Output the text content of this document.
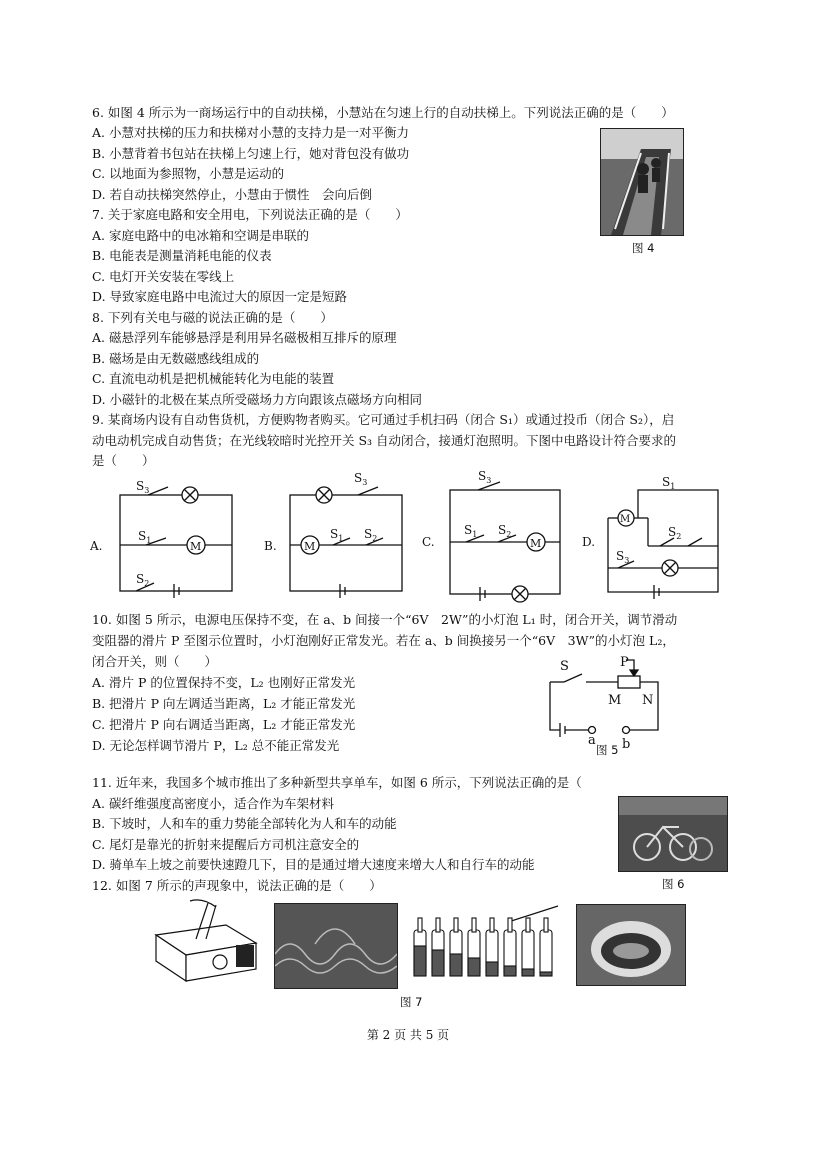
6. 如图 4 所示为一商场运行中的自动扶梯，小慧站在匀速上行的自动扶梯上。下列说法正确的是（　　）
A. 小慧对扶梯的压力和扶梯对小慧的支持力是一对平衡力
B. 小慧背着书包站在扶梯上匀速上行，她对背包没有做功
C. 以地面为参照物，小慧是运动的
D. 若自动扶梯突然停止，小慧由于惯性　会向后倒
图 4
7. 关于家庭电路和安全用电，下列说法正确的是（　　）
A. 家庭电路中的电冰箱和空调是串联的
B. 电能表是测量消耗电能的仪表
C. 电灯开关安装在零线上
D. 导致家庭电路中电流过大的原因一定是短路
8. 下列有关电与磁的说法正确的是（　　）
A. 磁悬浮列车能够悬浮是利用异名磁极相互排斥的原理
B. 磁场是由无数磁感线组成的
C. 直流电动机是把机械能转化为电能的装置
D. 小磁针的北极在某点所受磁场力方向跟该点磁场方向相同
9. 某商场内设有自动售货机，方便购物者购买。它可通过手机扫码（闭合 S₁）或通过投币（闭合 S₂），启
动电动机完成自动售货；在光线较暗时光控开关 S₃ 自动闭合，接通灯泡照明。下图中电路设计符合要求的
是（　　）
A.
$S_3$
$S_1$	M
$S_2$
B.
$S_3$
M
$S_1$ $S_2$	C.
$S_3$
$S_1$ $S_2$
M	D.
M
$S_1$
$S_2$
$S_3$
10. 如图 5 所示，电源电压保持不变，在 a、b 间接一个“6V　2W”的小灯泡 L₁ 时，闭合开关，调节滑动
变阻器的滑片 P 至图示位置时，小灯泡刚好正常发光。若在 a、b 间换接另一个“6V　3W”的小灯泡 L₂，
闭合开关，则（　　）
A. 滑片 P 的位置保持不变，L₂ 也刚好正常发光
B. 把滑片 P 向左调适当距离，L₂ 才能正常发光
C. 把滑片 P 向右调适当距离，L₂ 才能正常发光
D. 无论怎样调节滑片 P，L₂ 总不能正常发光
S	P
M N
a b
图 5
11. 近年来，我国多个城市推出了多种新型共享单车，如图 6 所示，下列说法正确的是（
A. 碳纤维强度高密度小，适合作为车架材料
B. 下坡时，人和车的重力势能全部转化为人和车的动能
C. 尾灯是靠光的折射来提醒后方司机注意安全的
D. 骑单车上坡之前要快速蹬几下，目的是通过增大速度来增大人和自行车的动能
图 6
12. 如图 7 所示的声现象中，说法正确的是（　　）
图 7
第 2 页 共 5 页
